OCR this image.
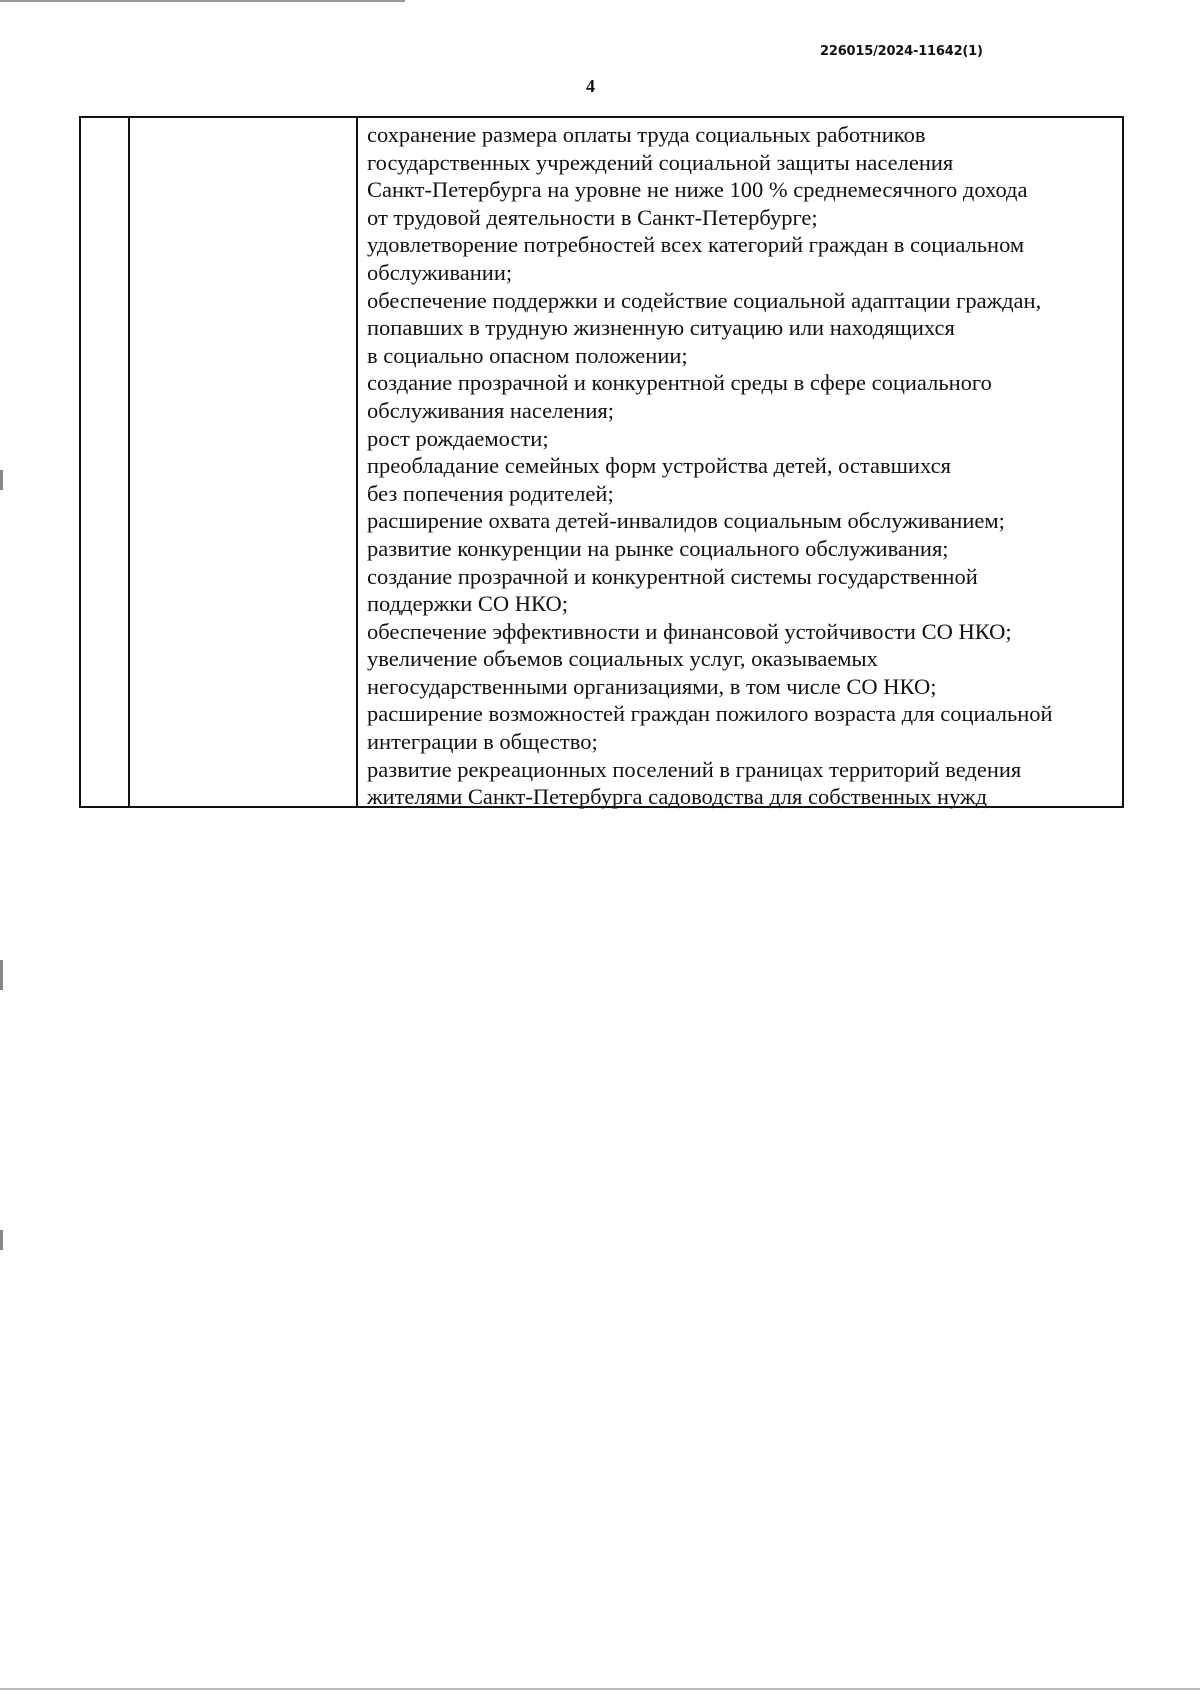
226015/2024-11642(1)
4
сохранение размера оплаты труда социальных работников
государственных учреждений социальной защиты населения
Санкт-Петербурга на уровне не ниже 100 % среднемесячного дохода
от трудовой деятельности в Санкт-Петербурге;
удовлетворение потребностей всех категорий граждан в социальном
обслуживании;
обеспечение поддержки и содействие социальной адаптации граждан,
попавших в трудную жизненную ситуацию или находящихся
в социально опасном положении;
создание прозрачной и конкурентной среды в сфере социального
обслуживания населения;
рост рождаемости;
преобладание семейных форм устройства детей, оставшихся
без попечения родителей;
расширение охвата детей-инвалидов социальным обслуживанием;
развитие конкуренции на рынке социального обслуживания;
создание прозрачной и конкурентной системы государственной
поддержки СО НКО;
обеспечение эффективности и финансовой устойчивости СО НКО;
увеличение объемов социальных услуг, оказываемых
негосударственными организациями, в том числе СО НКО;
расширение возможностей граждан пожилого возраста для социальной
интеграции в общество;
развитие рекреационных поселений в границах территорий ведения
жителями Санкт-Петербурга садоводства для собственных нужд
